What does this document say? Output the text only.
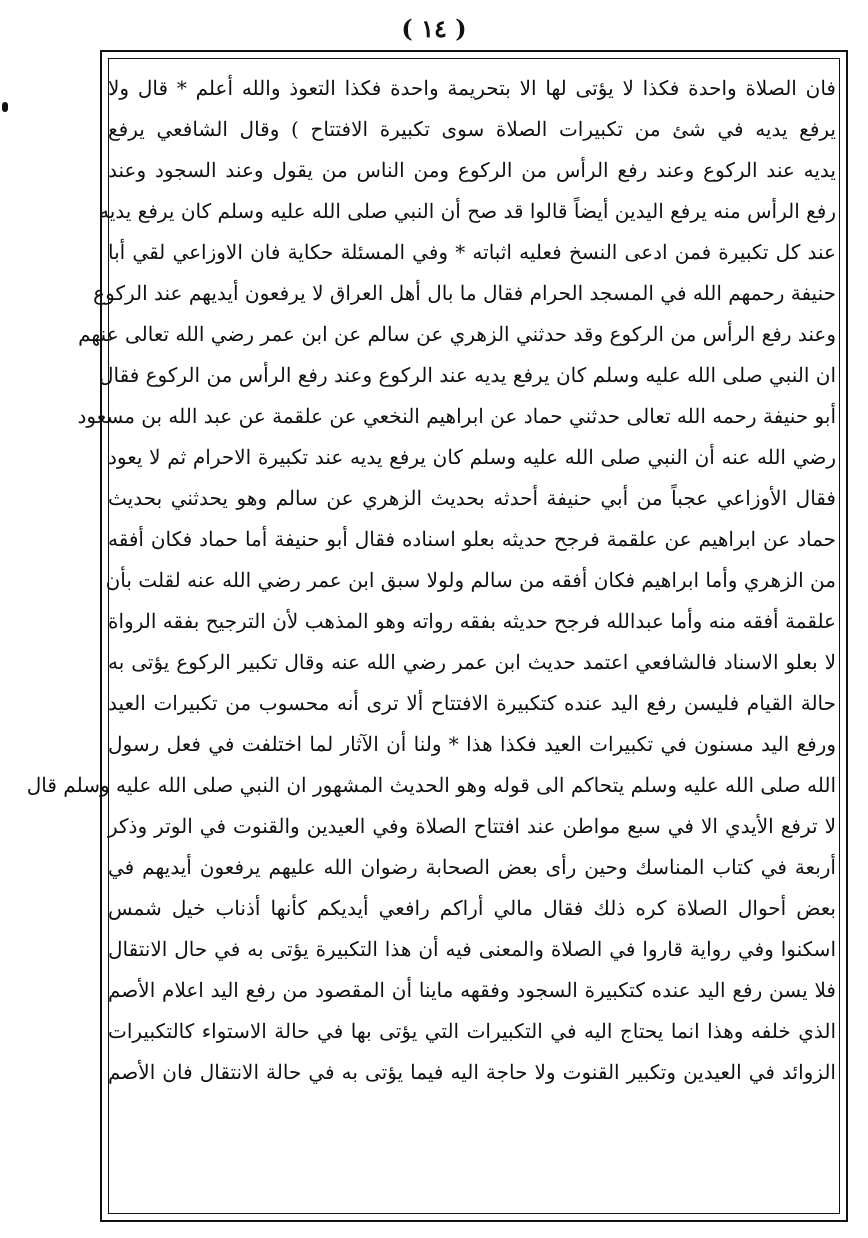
( ١٤ )
فان الصلاة واحدة فكذا لا يؤتى لها الا بتحريمة واحدة فكذا التعوذ والله أعلم * قال ولا
يرفع يديه في شئ من تكبيرات الصلاة سوى تكبيرة الافتتاح ) وقال الشافعي يرفع
يديه عند الركوع وعند رفع الرأس من الركوع ومن الناس من يقول وعند السجود وعند
رفع الرأس منه يرفع اليدين أيضاً قالوا قد صح أن النبي صلى الله عليه وسلم كان يرفع يديه
عند كل تكبيرة فمن ادعى النسخ فعليه اثباته * وفي المسئلة حكاية فان الاوزاعي لقي أبا
حنيفة رحمهم الله في المسجد الحرام فقال ما بال أهل العراق لا يرفعون أيديهم عند الركوع
وعند رفع الرأس من الركوع وقد حدثني الزهري عن سالم عن ابن عمر رضي الله تعالى عنهم
ان النبي صلى الله عليه وسلم كان يرفع يديه عند الركوع وعند رفع الرأس من الركوع فقال
أبو حنيفة رحمه الله تعالى حدثني حماد عن ابراهيم النخعي عن علقمة عن عبد الله بن مسعود
رضي الله عنه أن النبي صلى الله عليه وسلم كان يرفع يديه عند تكبيرة الاحرام ثم لا يعود
فقال الأوزاعي عجباً من أبي حنيفة أحدثه بحديث الزهري عن سالم وهو يحدثني بحديث
حماد عن ابراهيم عن علقمة فرجح حديثه بعلو اسناده فقال أبو حنيفة أما حماد فكان أفقه
من الزهري وأما ابراهيم فكان أفقه من سالم ولولا سبق ابن عمر رضي الله عنه لقلت بأن
علقمة أفقه منه وأما عبدالله فرجح حديثه بفقه رواته وهو المذهب لأن الترجيح بفقه الرواة
لا بعلو الاسناد فالشافعي اعتمد حديث ابن عمر رضي الله عنه وقال تكبير الركوع يؤتى به
حالة القيام فليسن رفع اليد عنده كتكبيرة الافتتاح ألا ترى أنه محسوب من تكبيرات العيد
ورفع اليد مسنون في تكبيرات العيد فكذا هذا * ولنا أن الآثار لما اختلفت في فعل رسول
الله صلى الله عليه وسلم يتحاكم الى قوله وهو الحديث المشهور ان النبي صلى الله عليه وسلم قال
لا ترفع الأيدي الا في سبع مواطن عند افتتاح الصلاة وفي العيدين والقنوت في الوتر وذكر
أربعة في كتاب المناسك وحين رأى بعض الصحابة رضوان الله عليهم يرفعون أيديهم في
بعض أحوال الصلاة كره ذلك فقال مالي أراكم رافعي أيديكم كأنها أذناب خيل شمس
اسكنوا وفي رواية قاروا في الصلاة والمعنى فيه أن هذا التكبيرة يؤتى به في حال الانتقال
فلا يسن رفع اليد عنده كتكبيرة السجود وفقهه ماينا أن المقصود من رفع اليد اعلام الأصم
الذي خلفه وهذا انما يحتاج اليه في التكبيرات التي يؤتى بها في حالة الاستواء كالتكبيرات
الزوائد في العيدين وتكبير القنوت ولا حاجة اليه فيما يؤتى به في حالة الانتقال فان الأصم
